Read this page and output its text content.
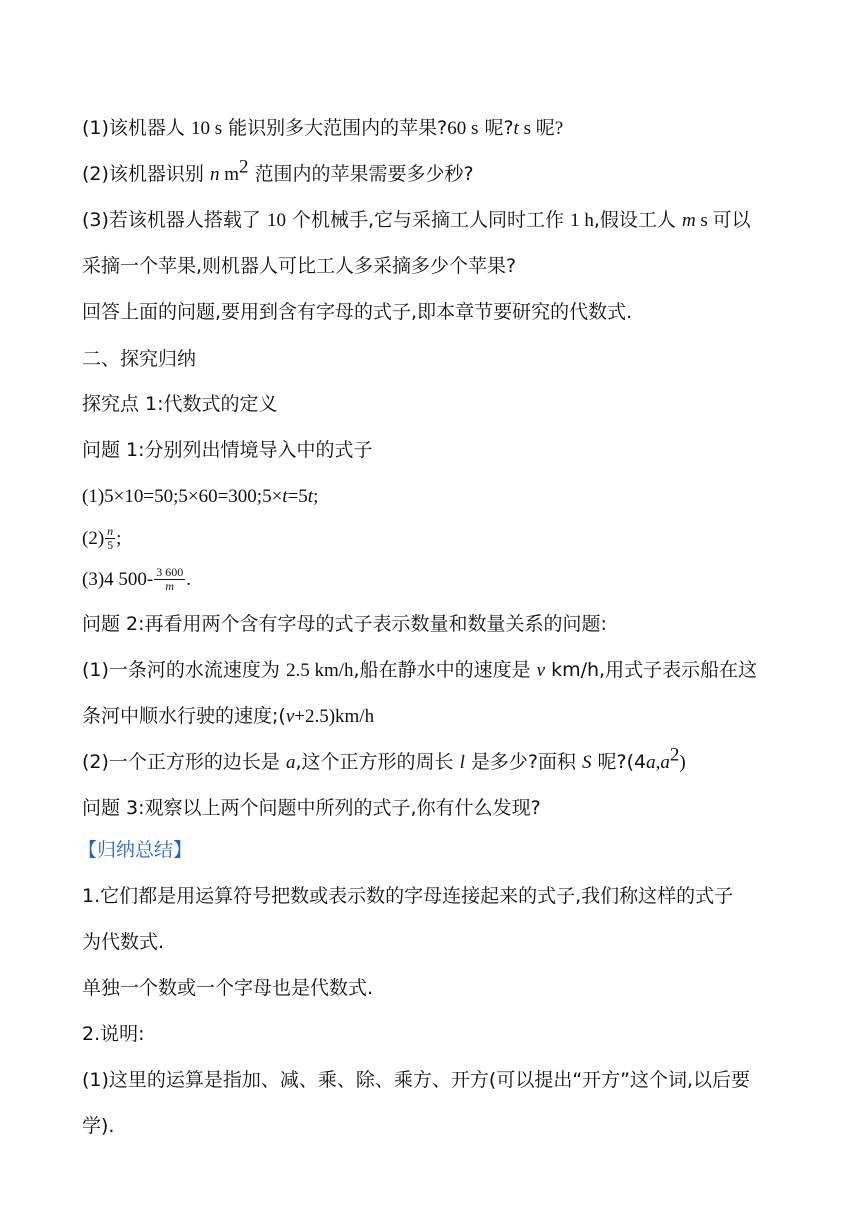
(1)该机器人 10 s 能识别多大范围内的苹果?60 s 呢?t s 呢?
(2)该机器识别 n $m^2$ 范围内的苹果需要多少秒?
(3)若该机器人搭载了 10 个机械手,它与采摘工人同时工作 1 h,假设工人 m s 可以
采摘一个苹果,则机器人可比工人多采摘多少个苹果?
回答上面的问题,要用到含有字母的式子,即本章节要研究的代数式.
二、探究归纳
探究点 1:代数式的定义
问题 1:分别列出情境导入中的式子
(1)5×10=50;5×60=300;5×t=5t;
$(2) \frac{n}{5}$ ;
(3)4 $500- \frac{3 600}{m}$ .
问题 2:再看用两个含有字母的式子表示数量和数量关系的问题:
(1)一条河的水流速度为 2.5 km/h,船在静水中的速度是 v km/h,用式子表示船在这
条河中顺水行驶的速度;(v+2.5)km/h
(2)一个正方形的边长是 a,这个正方形的周长 l 是多少?面积 S 呢$?(4a,a^2)$
问题 3:观察以上两个问题中所列的式子,你有什么发现?
【归纳总结】
1.它们都是用运算符号把数或表示数的字母连接起来的式子,我们称这样的式子
为代数式.
单独一个数或一个字母也是代数式.
2.说明:
(1)这里的运算是指加、减、乘、除、乘方、开方(可以提出“开方”这个词,以后要
学).
